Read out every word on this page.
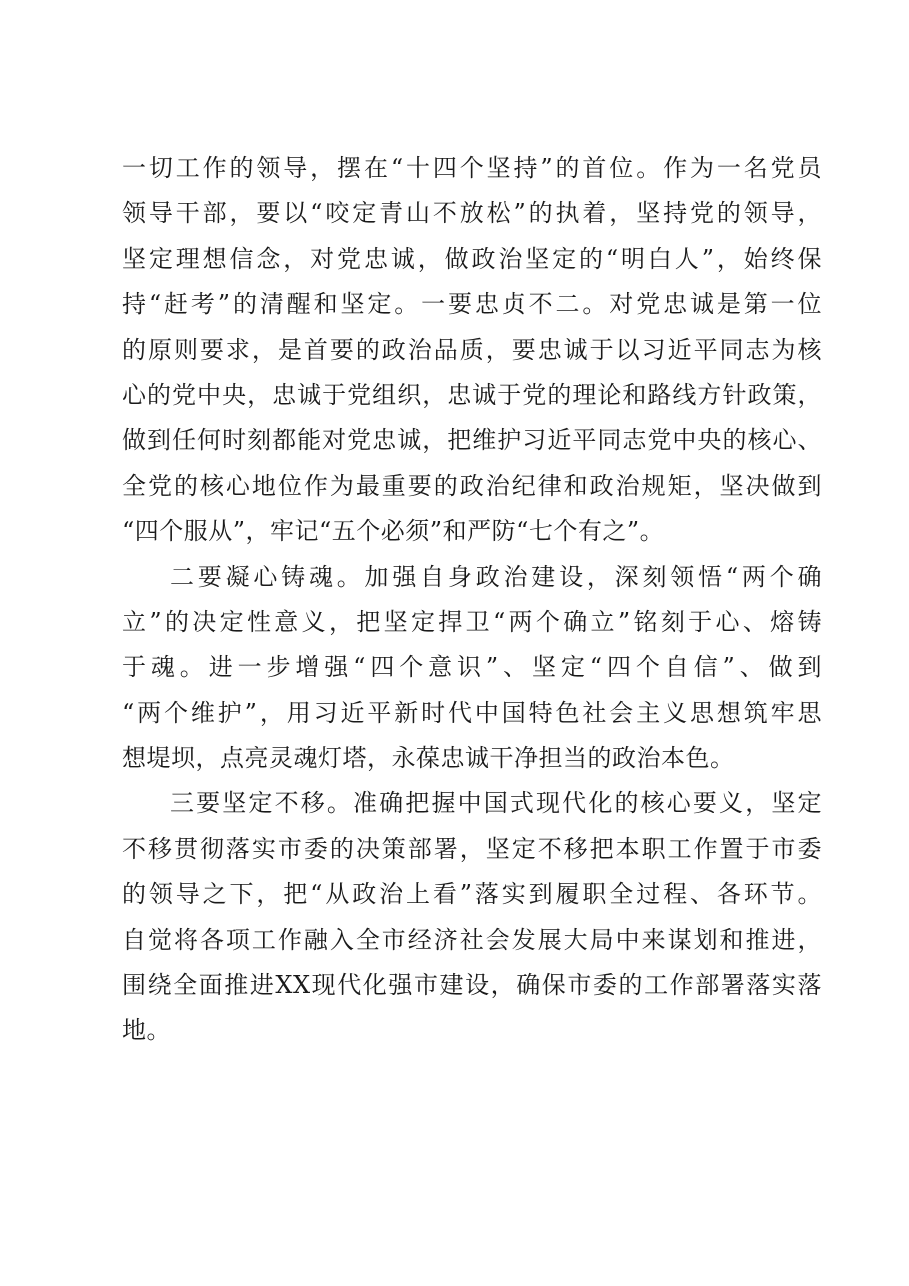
一切工作的领导，摆在“十四个坚持”的首位。作为一名党员
领导干部，要以“咬定青山不放松”的执着，坚持党的领导，
坚定理想信念，对党忠诚，做政治坚定的“明白人”，始终保
持“赶考”的清醒和坚定。一要忠贞不二。对党忠诚是第一位
的原则要求，是首要的政治品质，要忠诚于以习近平同志为核
心的党中央，忠诚于党组织，忠诚于党的理论和路线方针政策，
做到任何时刻都能对党忠诚，把维护习近平同志党中央的核心、
全党的核心地位作为最重要的政治纪律和政治规矩，坚决做到
“四个服从”，牢记“五个必须”和严防“七个有之”。
二要凝心铸魂。加强自身政治建设，深刻领悟“两个确
立”的决定性意义，把坚定捍卫“两个确立”铭刻于心、熔铸
于魂。进一步增强“四个意识”、坚定“四个自信”、做到
“两个维护”，用习近平新时代中国特色社会主义思想筑牢思
想堤坝，点亮灵魂灯塔，永葆忠诚干净担当的政治本色。
三要坚定不移。准确把握中国式现代化的核心要义，坚定
不移贯彻落实市委的决策部署，坚定不移把本职工作置于市委
的领导之下，把“从政治上看”落实到履职全过程、各环节。
自觉将各项工作融入全市经济社会发展大局中来谋划和推进，
围绕全面推进XX现代化强市建设，确保市委的工作部署落实落
地。
